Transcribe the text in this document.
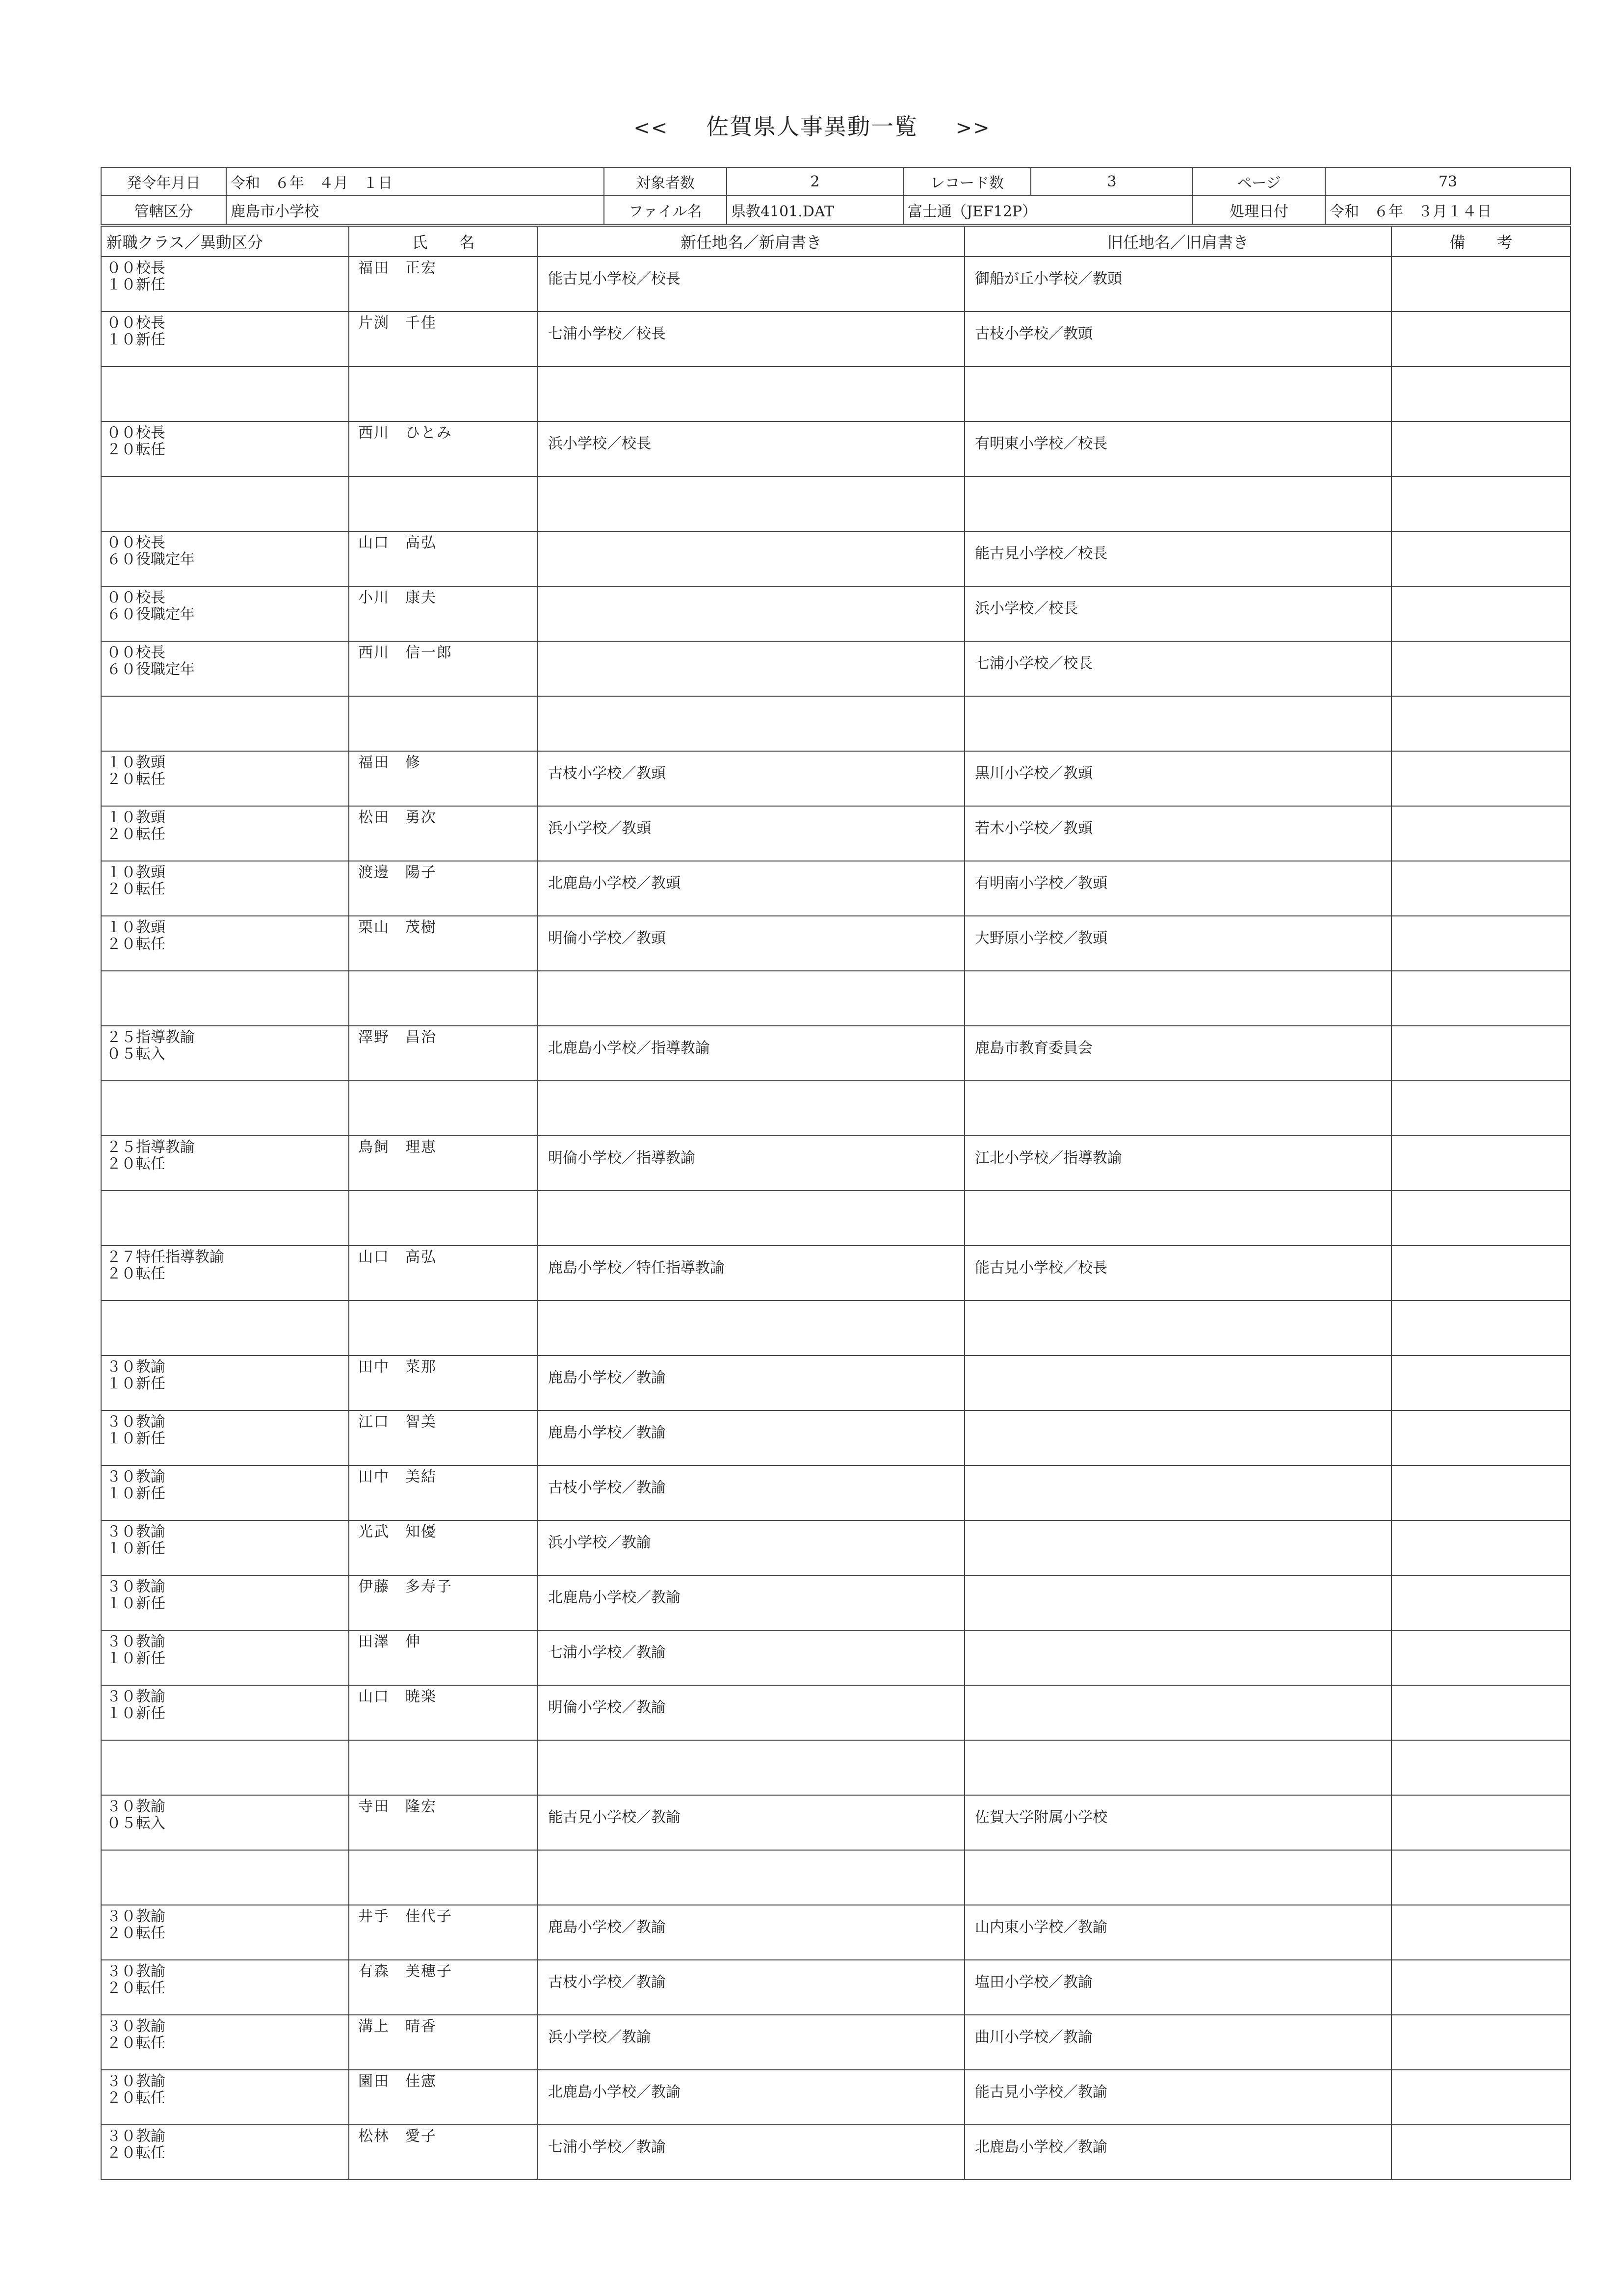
<< 佐賀県人事異動一覧 >>
発令年月日	令和　６年　４月　１日	対象者数	2	レコード数	3	ページ	73
管轄区分	鹿島市小学校	ファイル名	県教4101.DAT	富士通（JEF12P）		処理日付	令和　６年　３月１４日
新職クラス／異動区分	氏　　名	新任地名／新肩書き	旧任地名／旧肩書き	備　　考

００校長
１０新任	福田　正宏	能古見小学校／校長	御船が丘小学校／教頭	

００校長
１０新任	片渕　千佳	七浦小学校／校長	古枝小学校／教頭	

００校長
２０転任	西川　ひとみ	浜小学校／校長	有明東小学校／校長	

００校長
６０役職定年	山口　高弘		能古見小学校／校長	

００校長
６０役職定年	小川　康夫		浜小学校／校長	

００校長
６０役職定年	西川　信一郎		七浦小学校／校長	

１０教頭
２０転任	福田　修	古枝小学校／教頭	黒川小学校／教頭	

１０教頭
２０転任	松田　勇次	浜小学校／教頭	若木小学校／教頭	

１０教頭
２０転任	渡邊　陽子	北鹿島小学校／教頭	有明南小学校／教頭	

１０教頭
２０転任	栗山　茂樹	明倫小学校／教頭	大野原小学校／教頭	

２５指導教諭
０５転入	澤野　昌治	北鹿島小学校／指導教諭	鹿島市教育委員会	

２５指導教諭
２０転任	鳥飼　理恵	明倫小学校／指導教諭	江北小学校／指導教諭	

２７特任指導教諭
２０転任	山口　高弘	鹿島小学校／特任指導教諭	能古見小学校／校長	

３０教諭
１０新任	田中　菜那	鹿島小学校／教諭		

３０教諭
１０新任	江口　智美	鹿島小学校／教諭		

３０教諭
１０新任	田中　美結	古枝小学校／教諭		

３０教諭
１０新任	光武　知優	浜小学校／教諭		

３０教諭
１０新任	伊藤　多寿子	北鹿島小学校／教諭		

３０教諭
１０新任	田澤　伸	七浦小学校／教諭		

３０教諭
１０新任	山口　暁楽	明倫小学校／教諭		

３０教諭
０５転入	寺田　隆宏	能古見小学校／教諭	佐賀大学附属小学校	

３０教諭
２０転任	井手　佳代子	鹿島小学校／教諭	山内東小学校／教諭	

３０教諭
２０転任	有森　美穂子	古枝小学校／教諭	塩田小学校／教諭	

３０教諭
２０転任	溝上　晴香	浜小学校／教諭	曲川小学校／教諭	

３０教諭
２０転任	園田　佳憲	北鹿島小学校／教諭	能古見小学校／教諭	

３０教諭
２０転任	松林　愛子	七浦小学校／教諭	北鹿島小学校／教諭	
